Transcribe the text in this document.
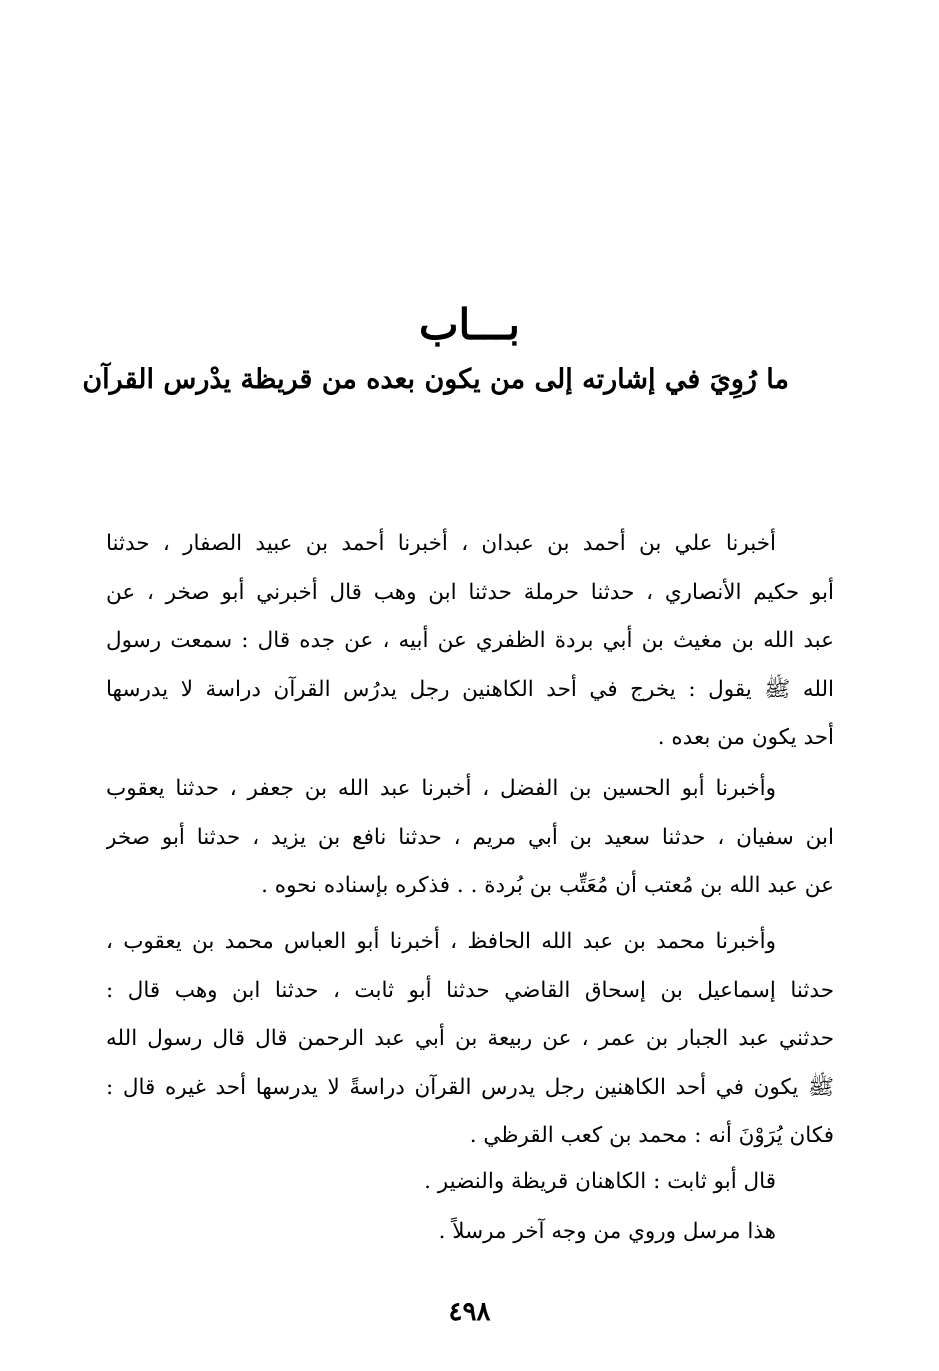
بـــاب
ما رُوِيَ في إشارته إلى من يكون بعده من قريظة يدْرس القرآن
أخبرنا علي بن أحمد بن عبدان ، أخبرنا أحمد بن عبيد الصفار ، حدثنا
أبو حكيم الأنصاري ، حدثنا حرملة حدثنا ابن وهب قال أخبرني أبو صخر ، عن
عبد الله بن مغيث بن أبي بردة الظفري عن أبيه ، عن جده قال : سمعت رسول
الله ﷺ يقول : يخرج في أحد الكاهنين رجل يدرُس القرآن دراسة لا يدرسها
أحد يكون من بعده .
وأخبرنا أبو الحسين بن الفضل ، أخبرنا عبد الله بن جعفر ، حدثنا يعقوب
ابن سفيان ، حدثنا سعيد بن أبي مريم ، حدثنا نافع بن يزيد ، حدثنا أبو صخر
عن عبد الله بن مُعتب أن مُعَتِّب بن بُردة . . فذكره بإسناده نحوه .
وأخبرنا محمد بن عبد الله الحافظ ، أخبرنا أبو العباس محمد بن يعقوب ،
حدثنا إسماعيل بن إسحاق القاضي حدثنا أبو ثابت ، حدثنا ابن وهب قال :
حدثني عبد الجبار بن عمر ، عن ربيعة بن أبي عبد الرحمن قال قال رسول الله
ﷺ يكون في أحد الكاهنين رجل يدرس القرآن دراسةً لا يدرسها أحد غيره قال :
فكان يُرَوْنَ أنه : محمد بن كعب القرظي .
قال أبو ثابت : الكاهنان قريظة والنضير .
هذا مرسل وروي من وجه آخر مرسلاً .
٤٩٨
